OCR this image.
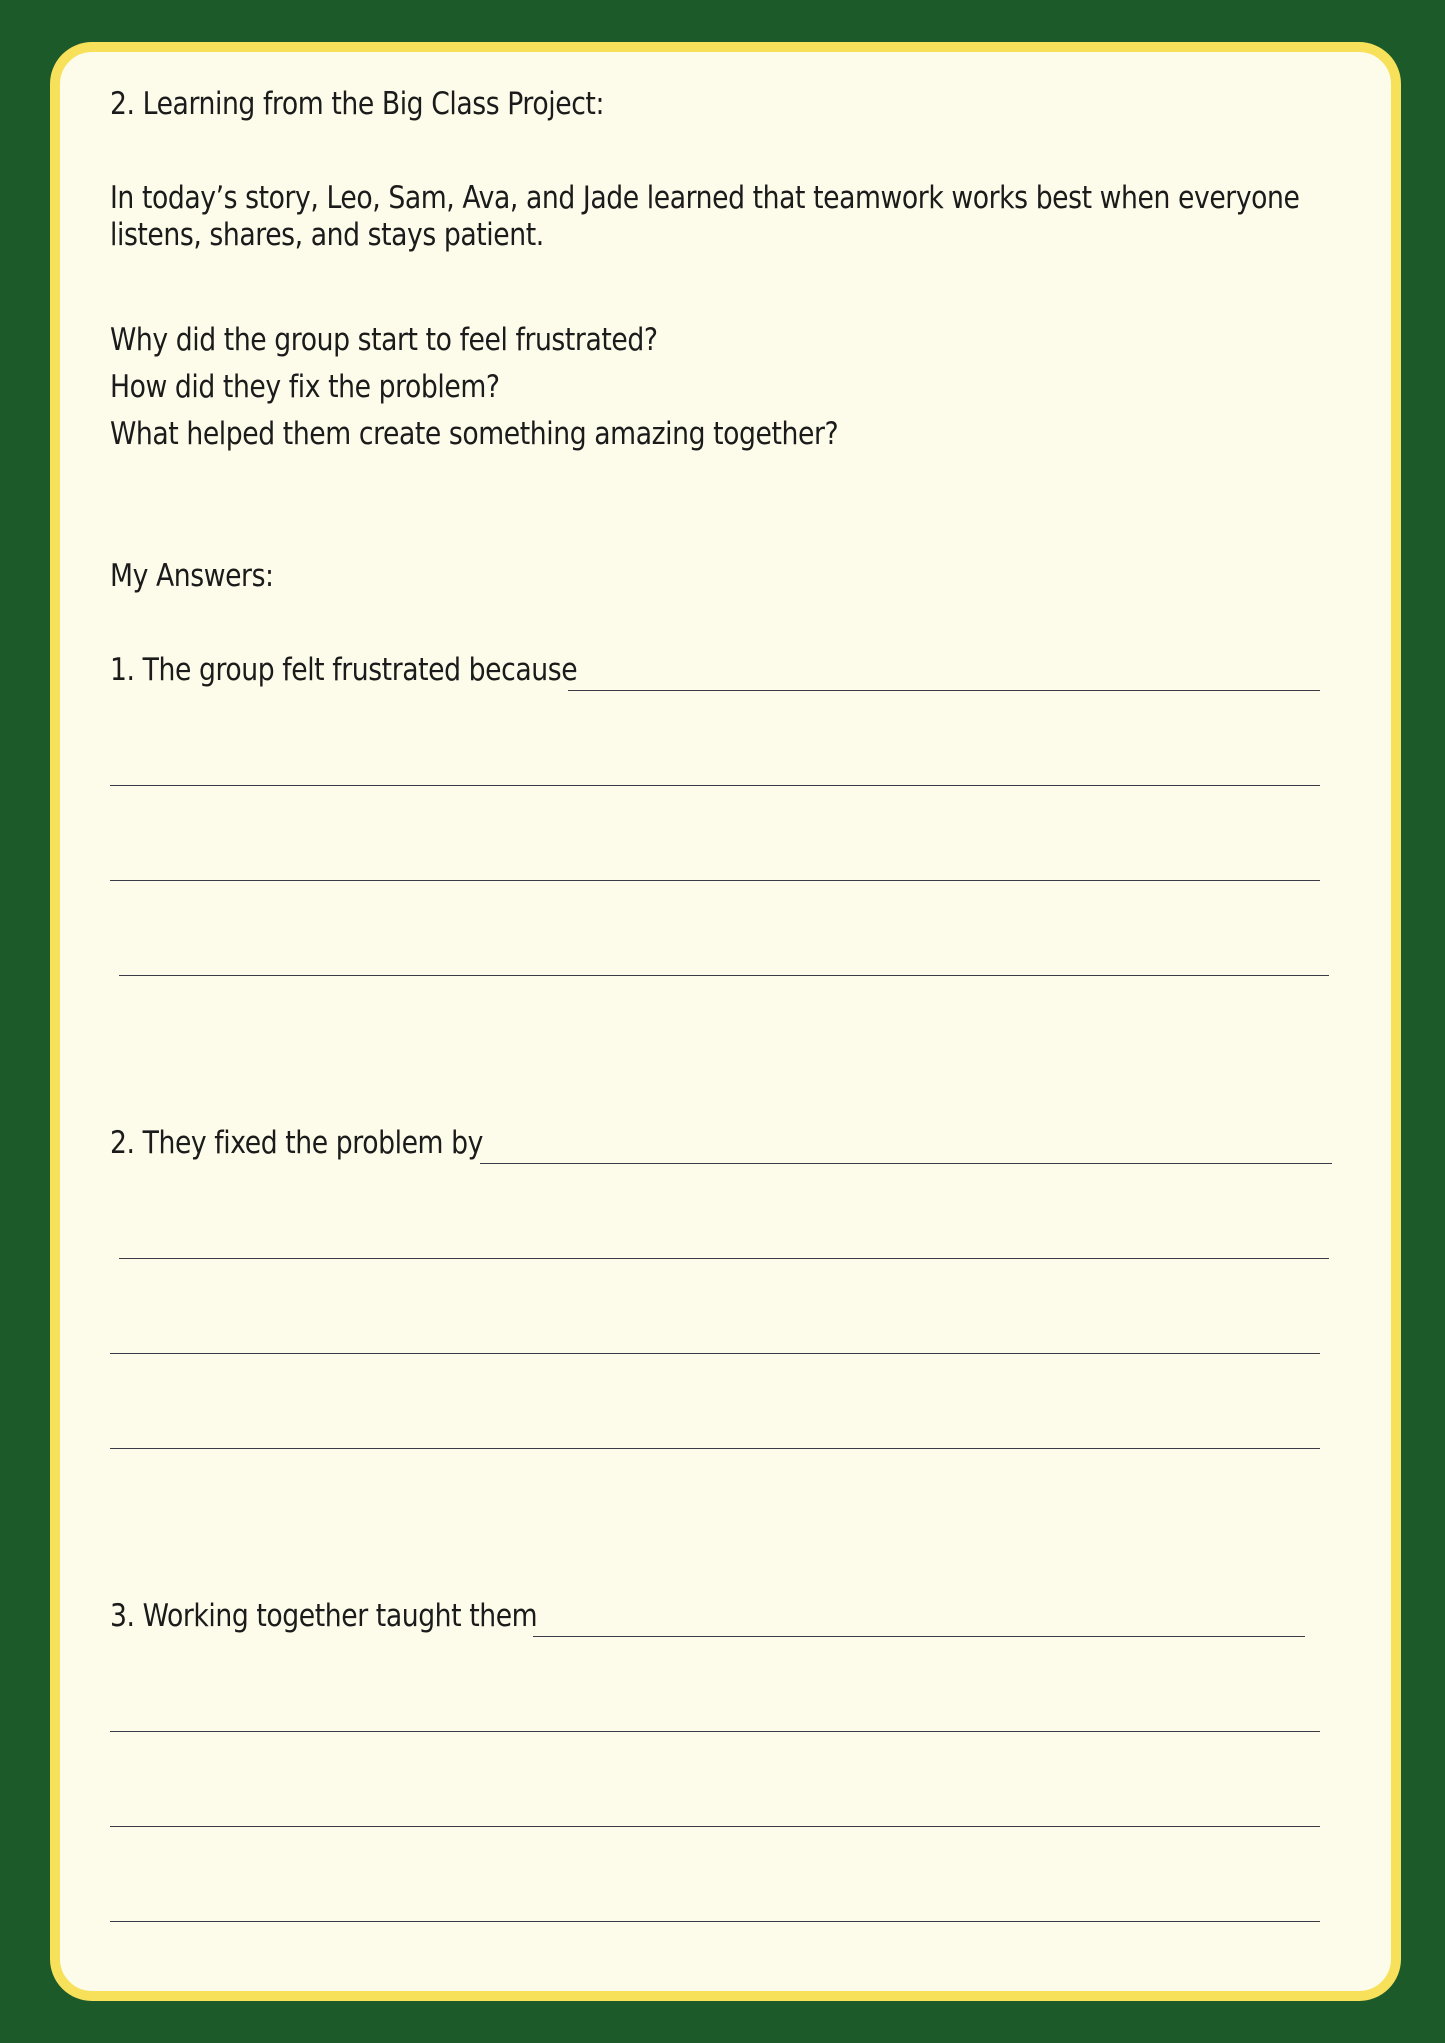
2. Learning from the Big Class Project:
In today’s story, Leo, Sam, Ava, and Jade learned that teamwork works best when everyone listens, shares, and stays patient.
Why did the group start to feel frustrated?
How did they fix the problem?
What helped them create something amazing together?
My Answers:
1. The group felt frustrated because
2. They fixed the problem by
3. Working together taught them
